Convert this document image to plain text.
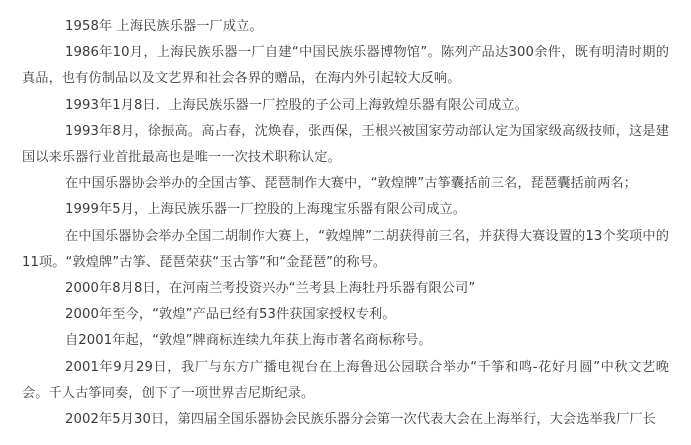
1958年 上海民族乐器一厂成立。

1986年10月，上海民族乐器一厂自建“中国民族乐器博物馆”。陈列产品达300余件，既有明清时期的真品，也有仿制品以及文艺界和社会各界的赠品，在海内外引起较大反响。

1993年1月8日．上海民族乐器一厂控股的子公司上海敦煌乐器有限公司成立。

1993年8月，徐振高。高占春，沈焕春，张西保，王根兴被国家劳动部认定为国家级高级技师，这是建国以来乐器行业首批最高也是唯一一次技术职称认定。

在中国乐器协会举办的全国古筝、琵琶制作大赛中，“敦煌牌”古筝囊括前三名，琵琶囊括前两名；

1999年5月，上海民族乐器一厂控股的上海瑰宝乐器有限公司成立。

在中国乐器协会举办全国二胡制作大赛上，“敦煌牌”二胡获得前三名，并获得大赛设置的13个奖项中的11项。“敦煌牌”古筝、琵琶荣获“玉古筝”和“金琵琶”的称号。

2000年8月8日，在河南兰考投资兴办“兰考县上海牡丹乐器有限公司”

2000年至今，“敦煌”产品已经有53件获国家授权专利。

自2001年起，“敦煌”牌商标连续九年获上海市著名商标称号。

2001年9月29日，我厂与东方广播电视台在上海鲁迅公园联合举办“千筝和鸣-花好月圆”中秋文艺晚会。千人古筝同奏，创下了一项世界吉尼斯纪录。

2002年5月30日，第四届全国乐器协会民族乐器分会第一次代表大会在上海举行，大会选举我厂厂长
